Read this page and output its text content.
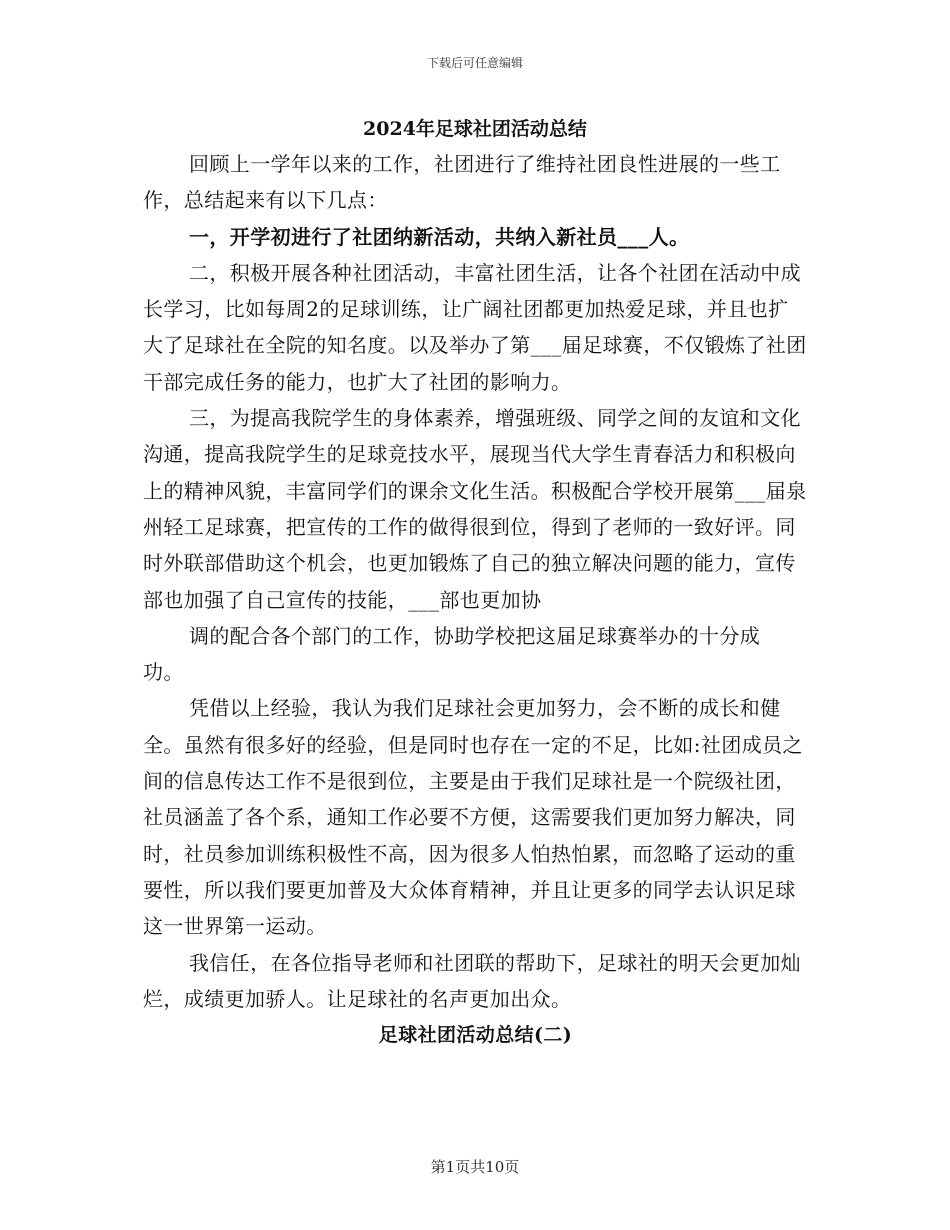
下载后可任意编辑
2024年足球社团活动总结

回顾上一学年以来的工作，社团进行了维持社团良性进展的一些工作，总结起来有以下几点：

一，开学初进行了社团纳新活动，共纳入新社员___人。

二，积极开展各种社团活动，丰富社团生活，让各个社团在活动中成长学习，比如每周2的足球训练，让广阔社团都更加热爱足球，并且也扩大了足球社在全院的知名度。以及举办了第___届足球赛，不仅锻炼了社团干部完成任务的能力，也扩大了社团的影响力。

三，为提高我院学生的身体素养，增强班级、同学之间的友谊和文化沟通，提高我院学生的足球竞技水平，展现当代大学生青春活力和积极向上的精神风貌，丰富同学们的课余文化生活。积极配合学校开展第___届泉州轻工足球赛，把宣传的工作的做得很到位，得到了老师的一致好评。同时外联部借助这个机会，也更加锻炼了自己的独立解决问题的能力，宣传部也加强了自己宣传的技能，___部也更加协

调的配合各个部门的工作，协助学校把这届足球赛举办的十分成

功。

凭借以上经验，我认为我们足球社会更加努力，会不断的成长和健全。虽然有很多好的经验，但是同时也存在一定的不足，比如:社团成员之间的信息传达工作不是很到位，主要是由于我们足球社是一个院级社团，社员涵盖了各个系，通知工作必要不方便，这需要我们更加努力解决，同时，社员参加训练积极性不高，因为很多人怕热怕累，而忽略了运动的重要性，所以我们要更加普及大众体育精神，并且让更多的同学去认识足球这一世界第一运动。

我信任，在各位指导老师和社团联的帮助下，足球社的明天会更加灿烂，成绩更加骄人。让足球社的名声更加出众。

足球社团活动总结(二)

第1页共10页
